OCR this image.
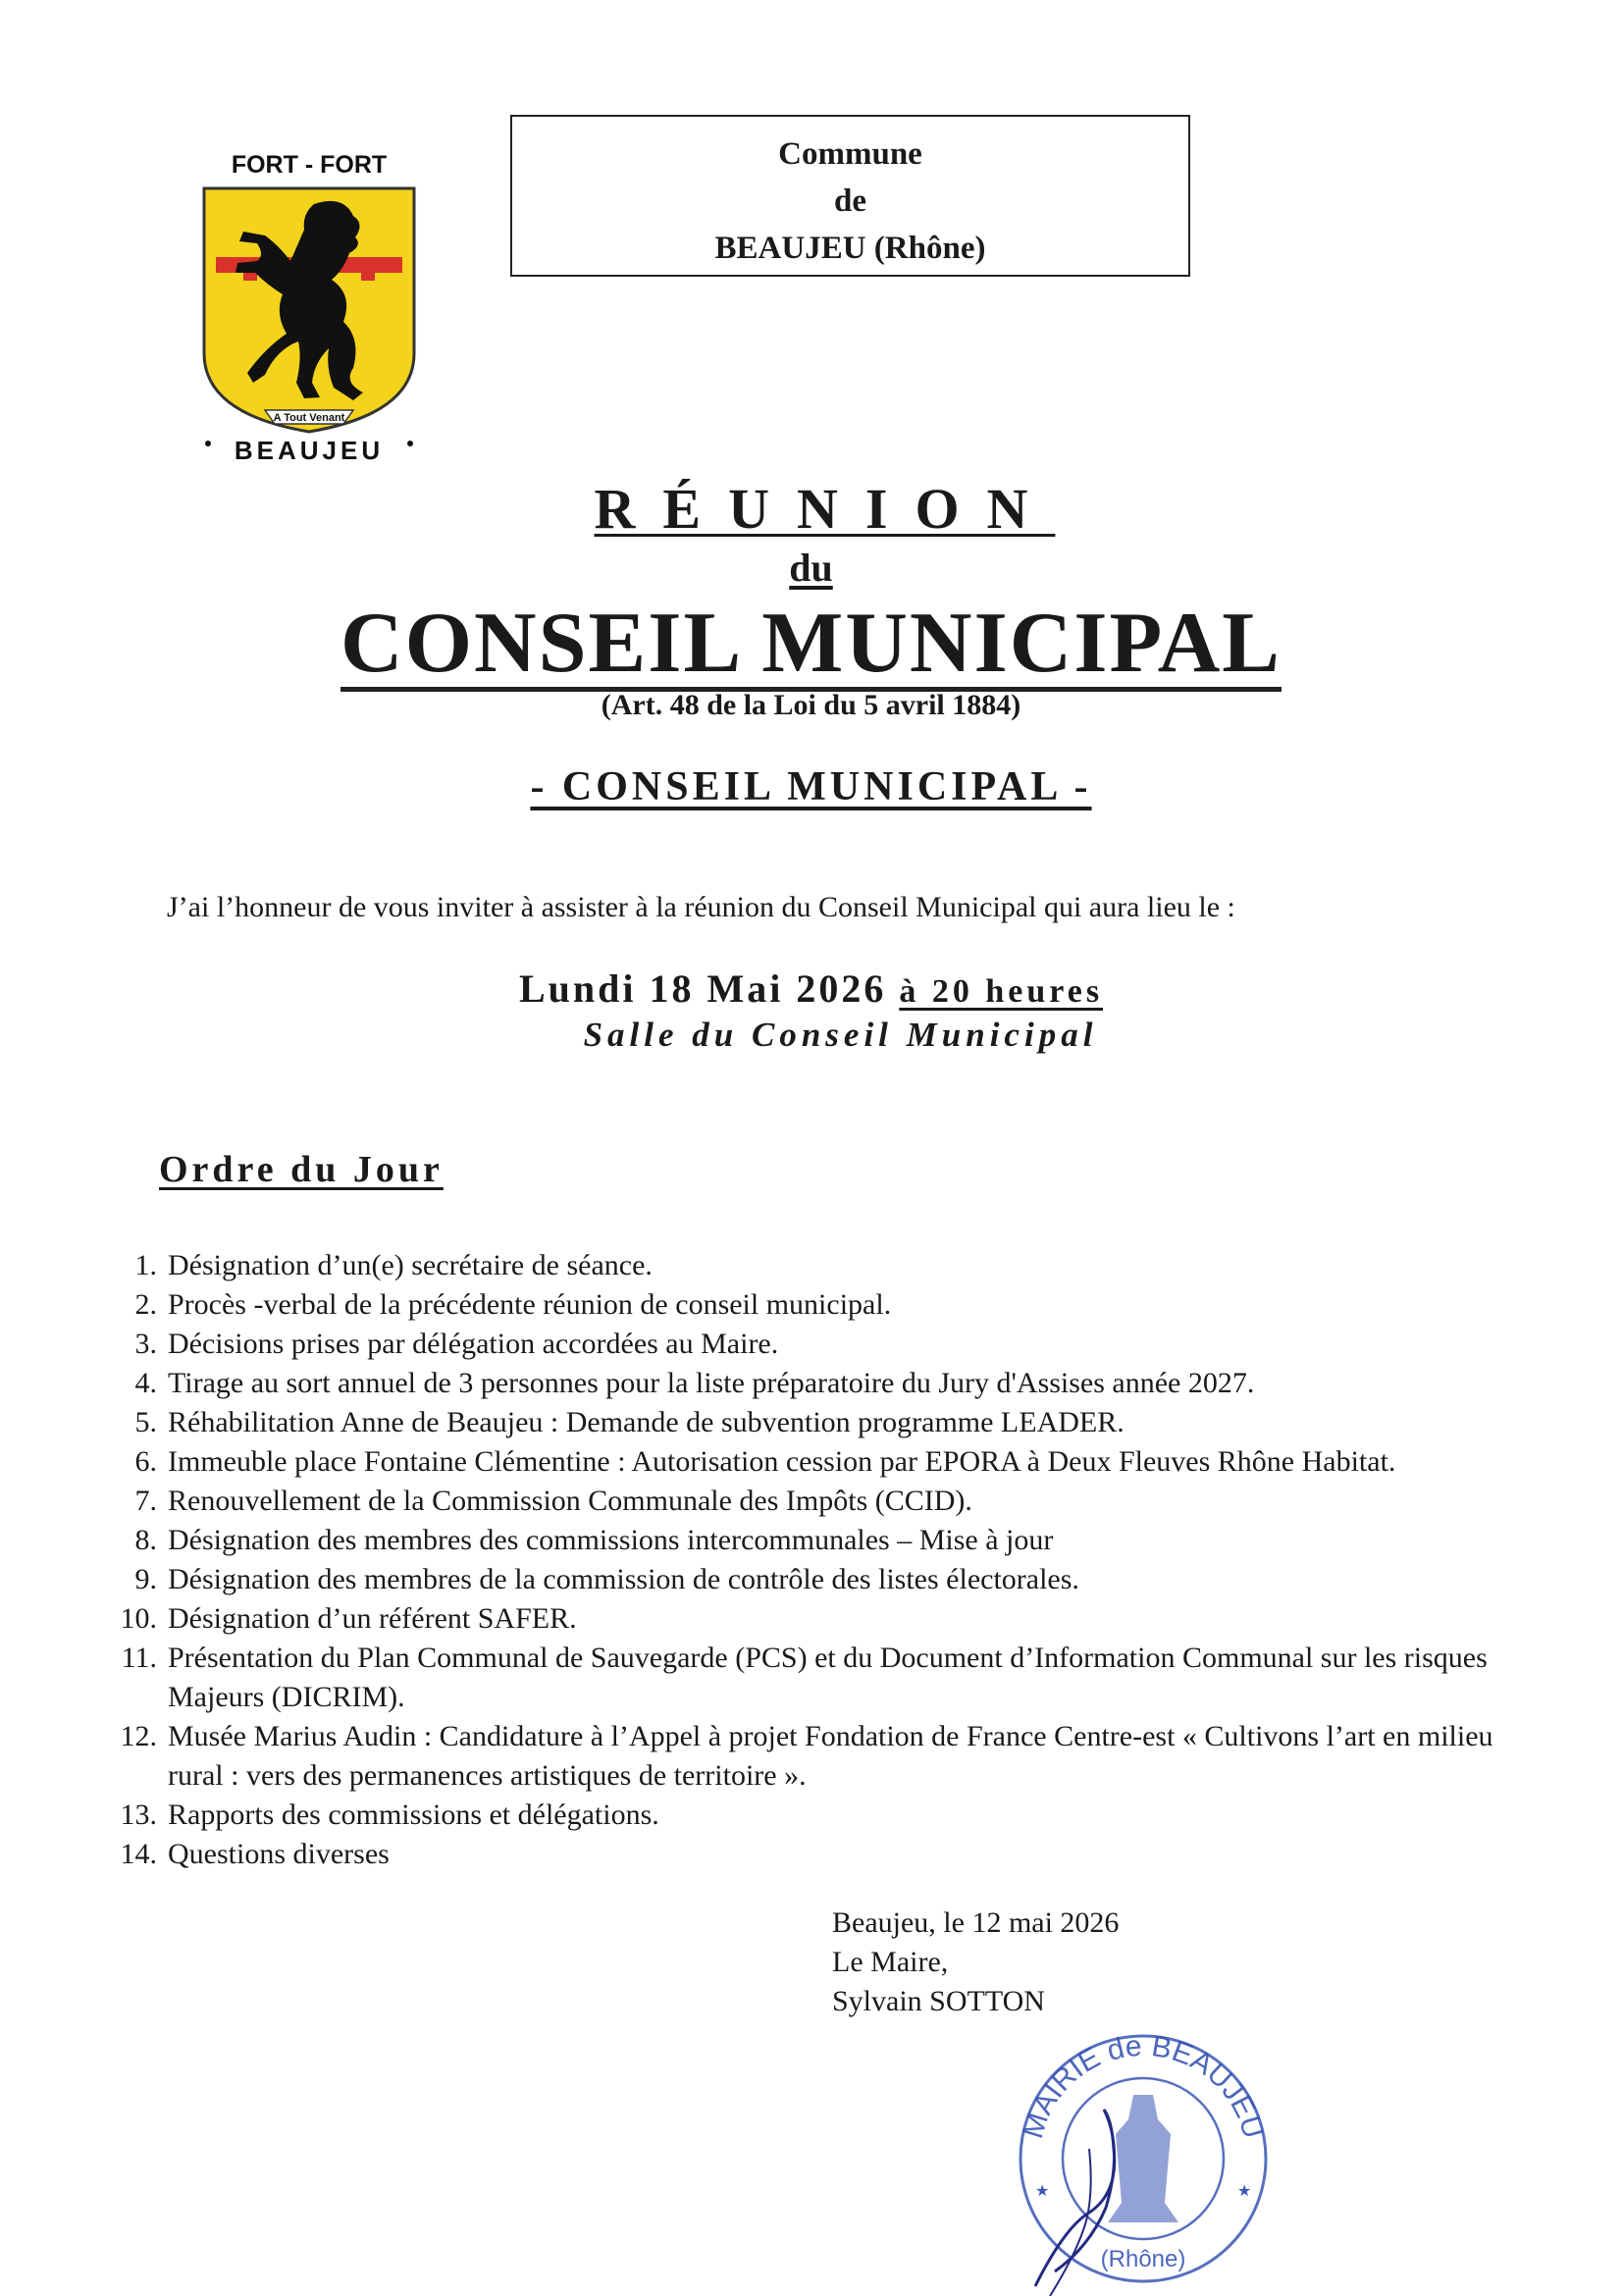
FORT - FORT
A Tout Venant
BEAUJEU
Commune
de
BEAUJEU (Rhône)
RÉUNION
du
CONSEIL MUNICIPAL
(Art. 48 de la Loi du 5 avril 1884)
- CONSEIL MUNICIPAL -
J’ai l’honneur de vous inviter à assister à la réunion du Conseil Municipal qui aura lieu le :
Lundi 18 Mai 2026 à 20 heures
Salle du Conseil Municipal
Ordre du Jour
1. Désignation d’un(e) secrétaire de séance.
2. Procès -verbal de la précédente réunion de conseil municipal.
3. Décisions prises par délégation accordées au Maire.
4. Tirage au sort annuel de 3 personnes pour la liste préparatoire du Jury d'Assises année 2027.
5. Réhabilitation Anne de Beaujeu : Demande de subvention programme LEADER.
6. Immeuble place Fontaine Clémentine : Autorisation cession par EPORA à Deux Fleuves Rhône Habitat.
7. Renouvellement de la Commission Communale des Impôts (CCID).
8. Désignation des membres des commissions intercommunales – Mise à jour
9. Désignation des membres de la commission de contrôle des listes électorales.
10. Désignation d’un référent SAFER.
11. Présentation du Plan Communal de Sauvegarde (PCS) et du Document d’Information Communal sur les risques Majeurs (DICRIM).
12. Musée Marius Audin : Candidature à l’Appel à projet Fondation de France Centre-est « Cultivons l’art en milieu rural : vers des permanences artistiques de territoire ».
13. Rapports des commissions et délégations.
14. Questions diverses
Beaujeu, le 12 mai 2026
Le Maire,
Sylvain SOTTON
MAIRIE de BEAUJEU
(Rhône)
★	★
